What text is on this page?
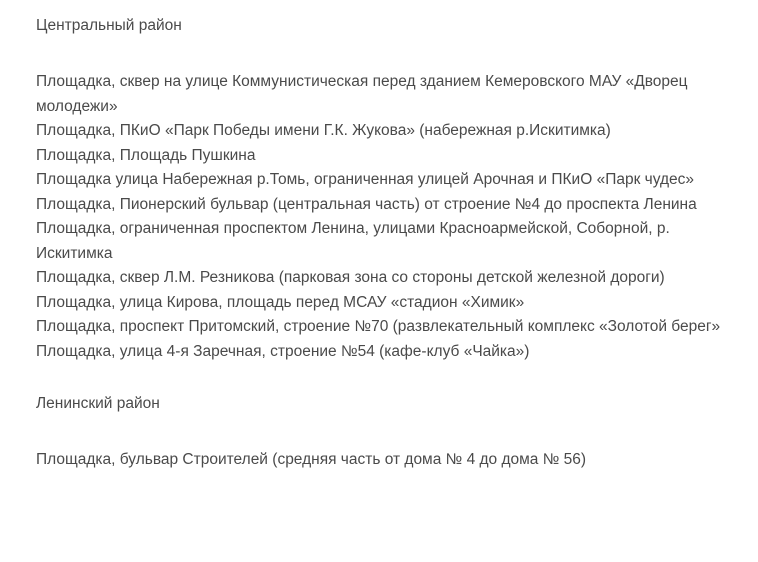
Центральный район

Площадка, сквер на улице Коммунистическая перед зданием Кемеровского МАУ «Дворец молодежи»
Площадка, ПКиО «Парк Победы имени Г.К. Жукова» (набережная р.Искитимка)
Площадка, Площадь Пушкина
Площадка улица Набережная р.Томь, ограниченная улицей Арочная и ПКиО «Парк чудес»
Площадка, Пионерский бульвар (центральная часть) от строение №4 до проспекта Ленина
Площадка, ограниченная проспектом Ленина, улицами Красноармейской, Соборной, р. Искитимка
Площадка, сквер Л.М. Резникова (парковая зона со стороны детской железной дороги)
Площадка, улица Кирова, площадь перед МСАУ «стадион «Химик»
Площадка, проспект Притомский, строение №70 (развлекательный комплекс «Золотой берег»
Площадка, улица 4-я Заречная, строение №54 (кафе-клуб «Чайка»)

Ленинский район

Площадка, бульвар Строителей (средняя часть от дома № 4 до дома № 56)
